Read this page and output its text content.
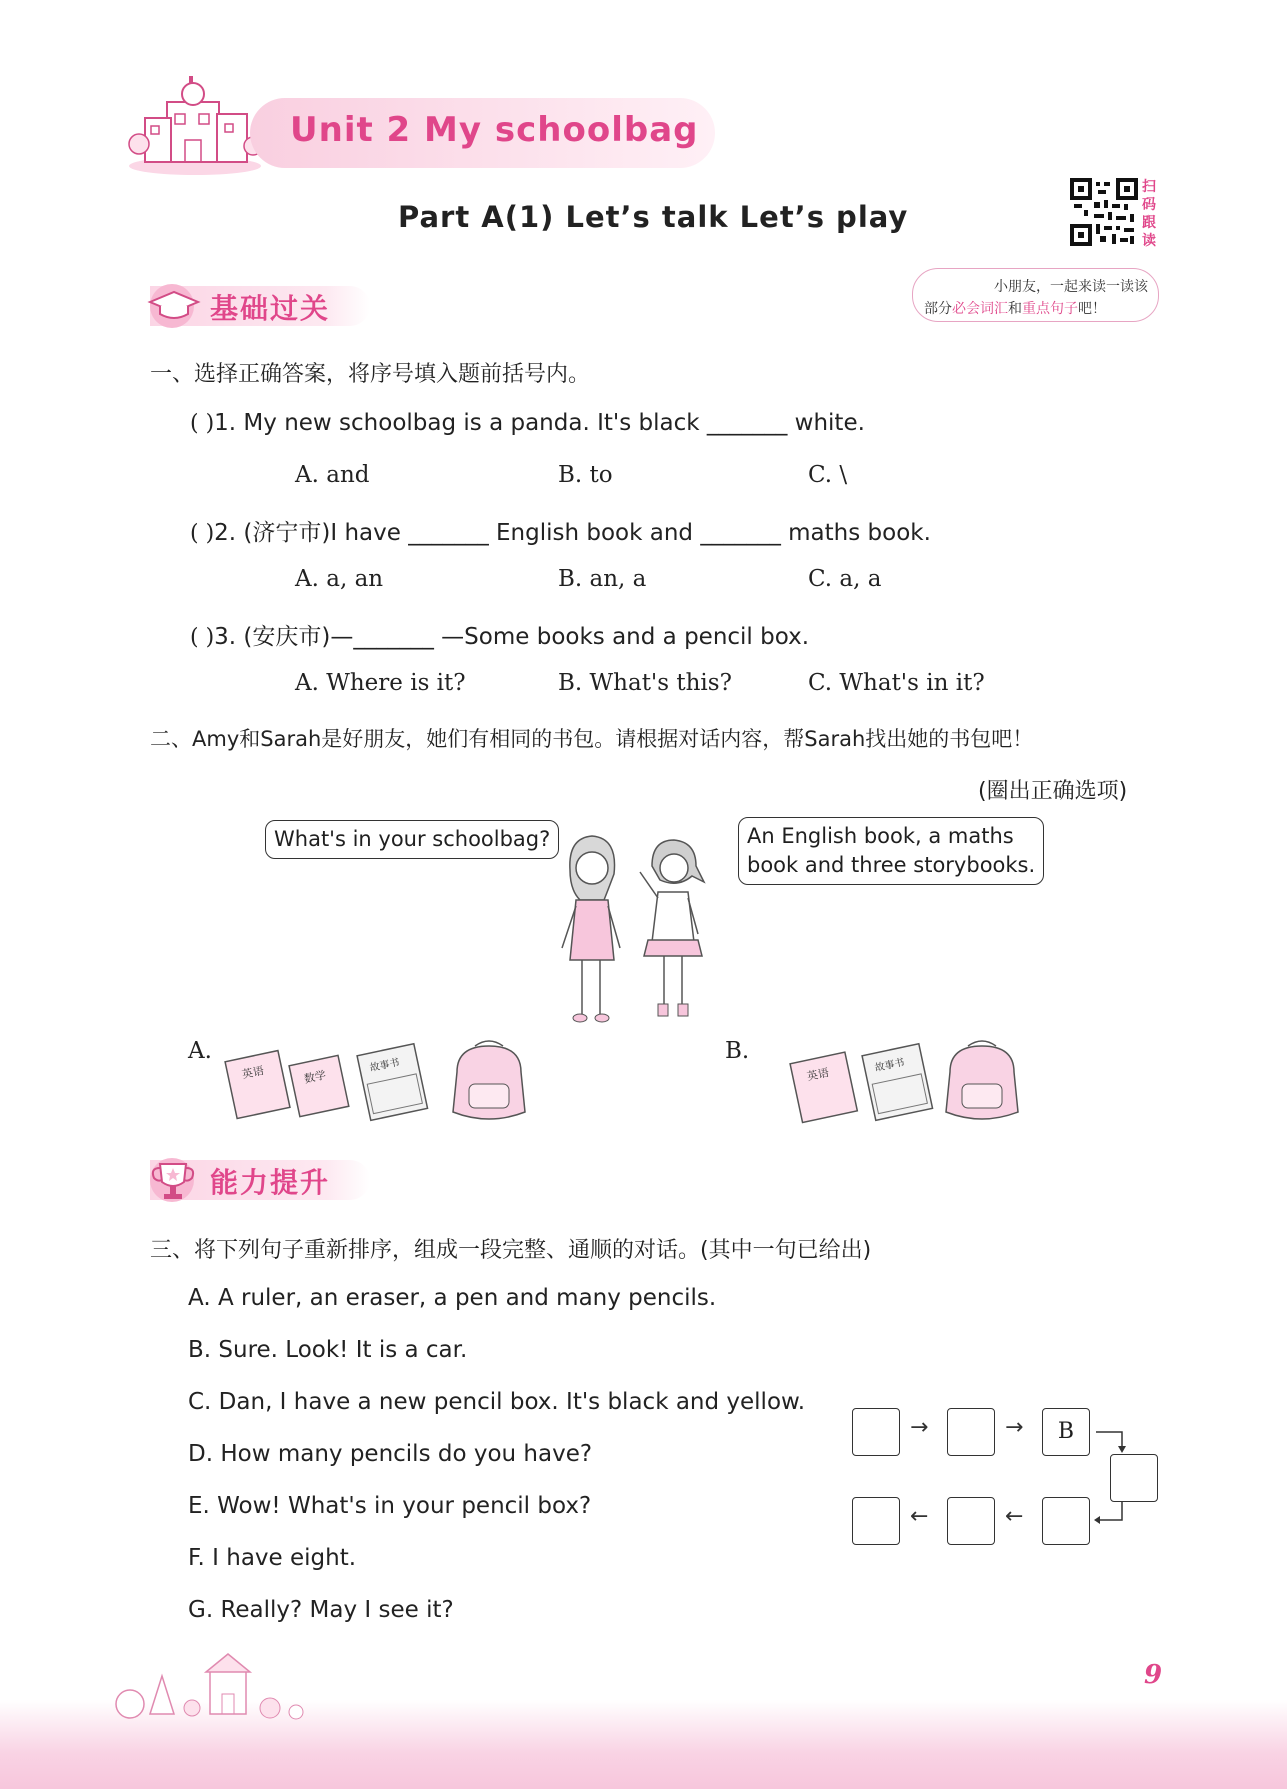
Unit 2 My schoolbag
Part A(1) Let’s talk Let’s play
扫码跟读
小朋友，一起来读一读该
部分必会词汇和重点句子吧！
基础过关
一、选择正确答案，将序号填入题前括号内。
( )1. My new schoolbag is a panda. It's black _______ white.
A. and	B. to	C. \
( )2. (济宁市)I have _______ English book and _______ maths book.
A. a, an	B. an, a	C. a, a
( )3. (安庆市)—_______ —Some books and a pencil box.
A. Where is it?	B. What's this?	C. What's in it?
二、Amy和Sarah是好朋友，她们有相同的书包。请根据对话内容，帮Sarah找出她的书包吧！
(圈出正确选项)
What's in your schoolbag?	An English book, a maths
book and three storybooks.
A.
英语	数学
故事书
B.
英语
故事书
能力提升
三、将下列句子重新排序，组成一段完整、通顺的对话。(其中一句已给出)
A. A ruler, an eraser, a pen and many pencils.
B. Sure. Look! It is a car.
C. Dan, I have a new pencil box. It's black and yellow.
D. How many pencils do you have?
E. Wow! What's in your pencil box?
F. I have eight.
G. Really? May I see it?
→	→	B
←
←
9
